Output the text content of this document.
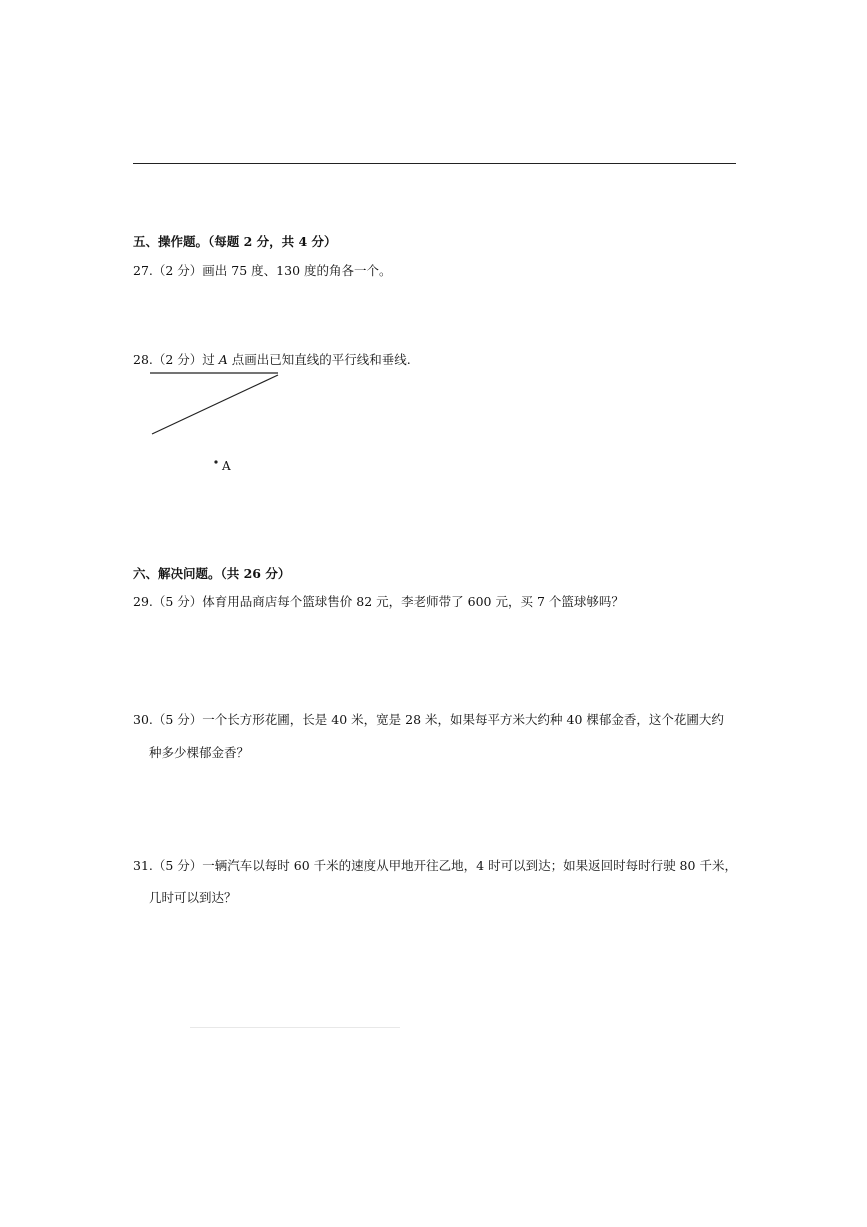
五、操作题。（每题 2 分，共 4 分）
27.（2 分）画出 75 度、130 度的角各一个。
28.（2 分）过 A 点画出已知直线的平行线和垂线.
A
六、解决问题。（共 26 分）
29.（5 分）体育用品商店每个篮球售价 82 元，李老师带了 600 元，买 7 个篮球够吗？
30.（5 分）一个长方形花圃，长是 40 米，宽是 28 米，如果每平方米大约种 40 棵郁金香，这个花圃大约
种多少棵郁金香？
31.（5 分）一辆汽车以每时 60 千米的速度从甲地开往乙地，4 时可以到达；如果返回时每时行驶 80 千米，
几时可以到达？
